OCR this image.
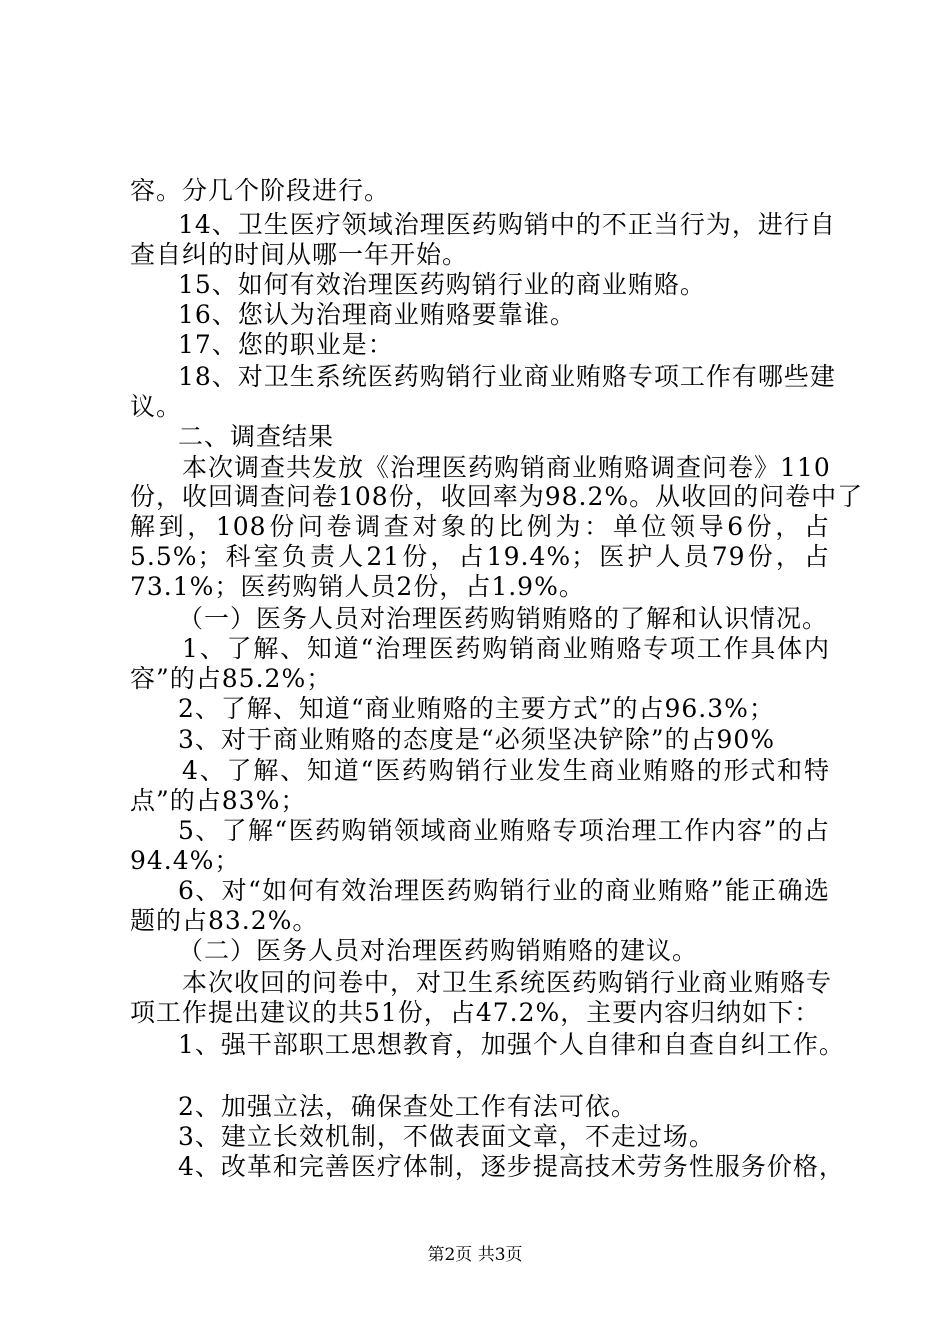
容。分几个阶段进行。
14、卫生医疗领域治理医药购销中的不正当行为，进行自
查自纠的时间从哪一年开始。
15、如何有效治理医药购销行业的商业贿赂。
16、您认为治理商业贿赂要靠谁。
17、您的职业是：
18、对卫生系统医药购销行业商业贿赂专项工作有哪些建
议。
二、调查结果
本次调查共发放《治理医药购销商业贿赂调查问卷》110
份，收回调查问卷108份，收回率为98.2%。从收回的问卷中了
解到，108份问卷调查对象的比例为：单位领导6份，占
5.5%；科室负责人21份，占19.4%；医护人员79份，占
73.1%；医药购销人员2份，占1.9%。
（一）医务人员对治理医药购销贿赂的了解和认识情况。
1、了解、知道“治理医药购销商业贿赂专项工作具体内
容”的占85.2%；
2、了解、知道“商业贿赂的主要方式”的占96.3%；
3、对于商业贿赂的态度是“必须坚决铲除”的占90%
4、了解、知道“医药购销行业发生商业贿赂的形式和特
点”的占83%；
5、了解“医药购销领域商业贿赂专项治理工作内容”的占
94.4%；
6、对“如何有效治理医药购销行业的商业贿赂”能正确选
题的占83.2%。
（二）医务人员对治理医药购销贿赂的建议。
本次收回的问卷中，对卫生系统医药购销行业商业贿赂专
项工作提出建议的共51份，占47.2%，主要内容归纳如下：
1、强干部职工思想教育，加强个人自律和自查自纠工作。
2、加强立法，确保查处工作有法可依。
3、建立长效机制，不做表面文章，不走过场。
4、改革和完善医疗体制，逐步提高技术劳务性服务价格，
第2页 共3页
